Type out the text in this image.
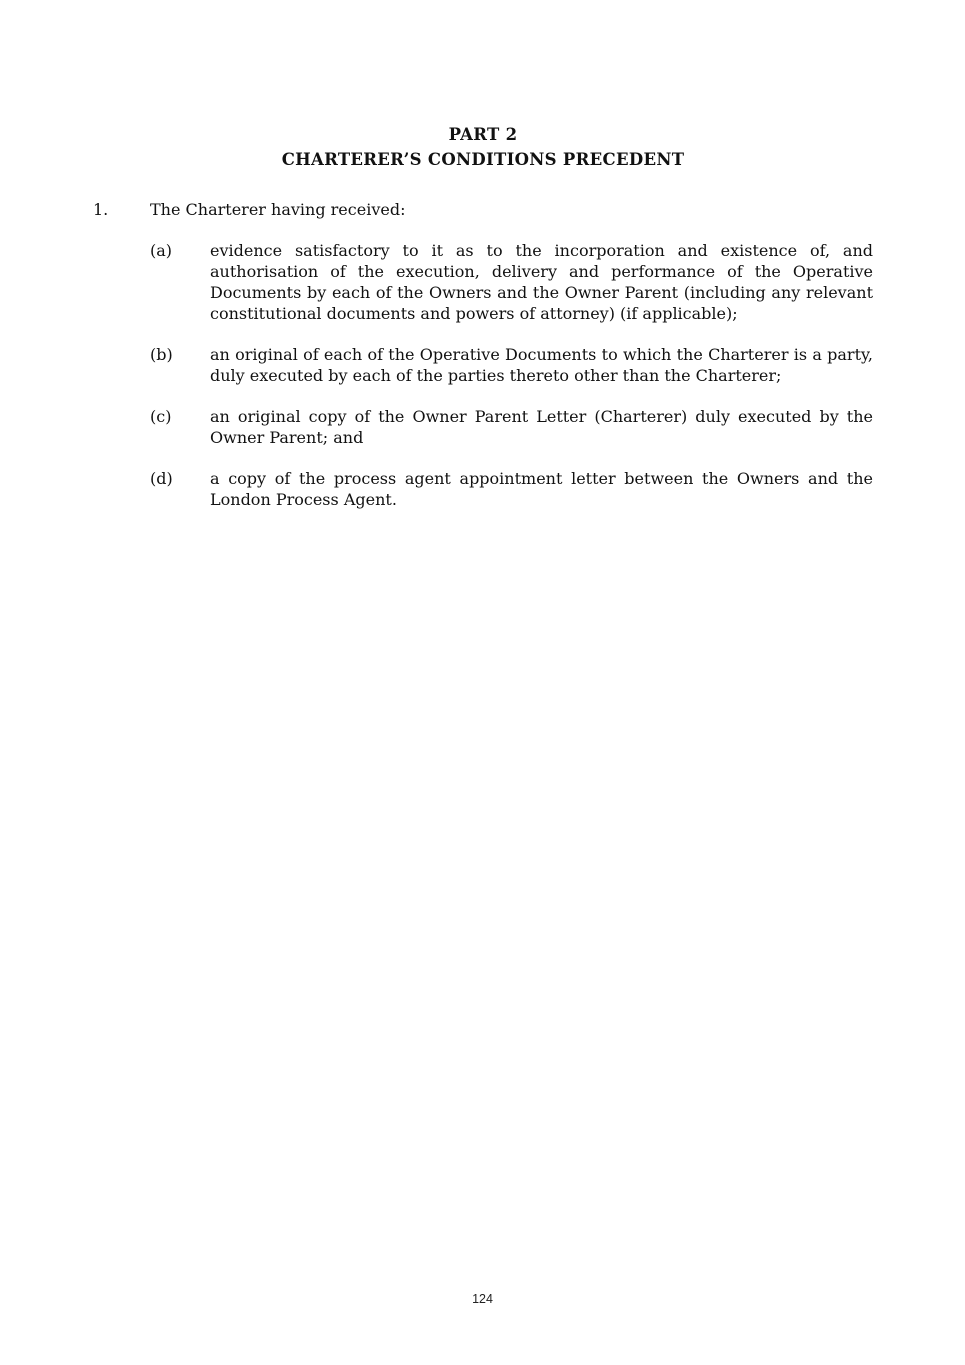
PART 2
CHARTERER’S CONDITIONS PRECEDENT
1.	The Charterer having received:
(a)	evidence satisfactory to it as to the incorporation and existence of, and authorisation of the execution, delivery and performance of the Operative Documents by each of the Owners and the Owner Parent (including any relevant constitutional documents and powers of attorney) (if applicable);
(b)	an original of each of the Operative Documents to which the Charterer is a party, duly executed by each of the parties thereto other than the Charterer;
(c)	an original copy of the Owner Parent Letter (Charterer) duly executed by the Owner Parent; and
(d)	a copy of the process agent appointment letter between the Owners and the London Process Agent.
124
